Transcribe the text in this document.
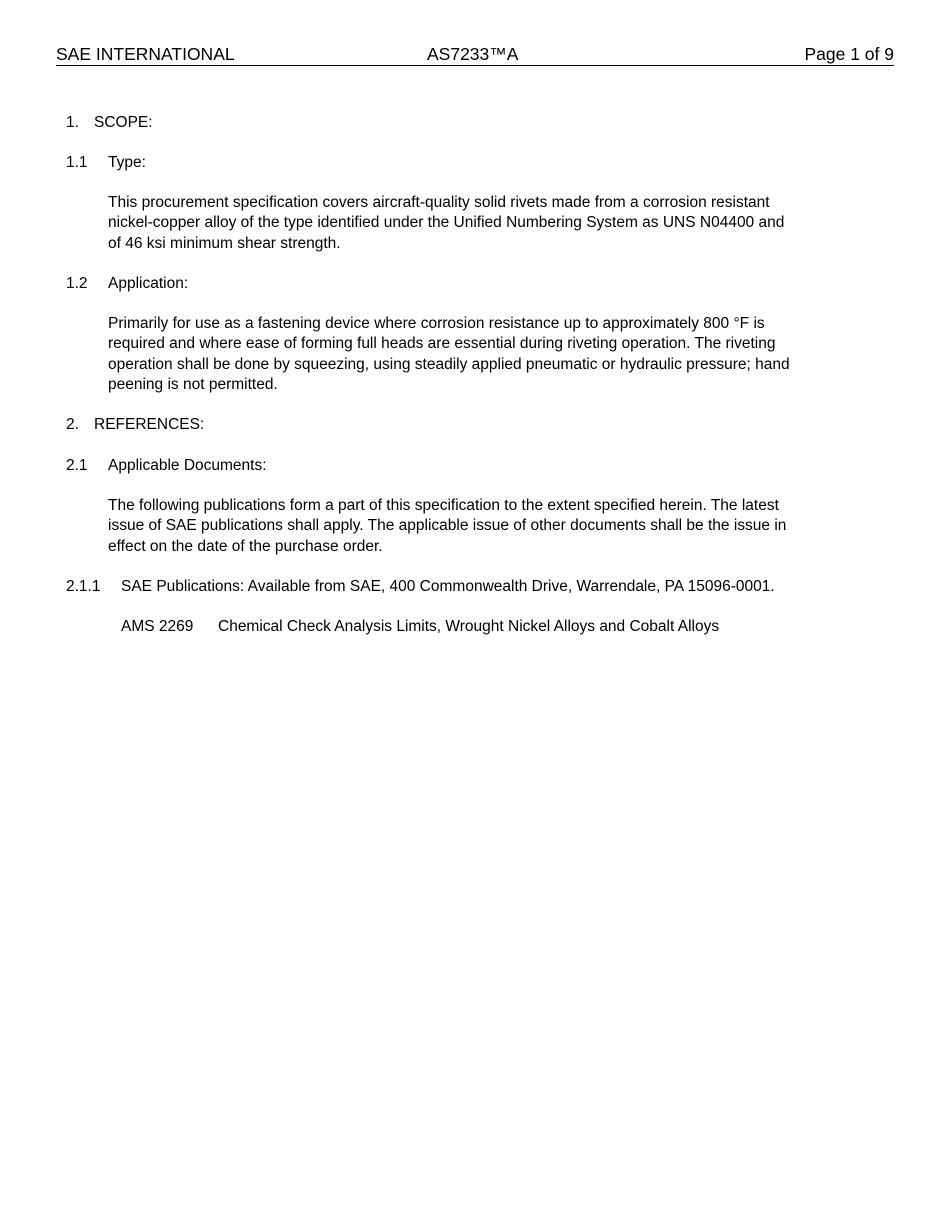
SAE INTERNATIONAL	AS7233™A	Page 1 of 9
1. SCOPE:
1.1 Type:
This procurement specification covers aircraft-quality solid rivets made from a corrosion resistant
nickel-copper alloy of the type identified under the Unified Numbering System as UNS N04400 and
of 46 ksi minimum shear strength.
1.2 Application:
Primarily for use as a fastening device where corrosion resistance up to approximately 800 °F is
required and where ease of forming full heads are essential during riveting operation. The riveting
operation shall be done by squeezing, using steadily applied pneumatic or hydraulic pressure; hand
peening is not permitted.
2. REFERENCES:
2.1 Applicable Documents:
The following publications form a part of this specification to the extent specified herein. The latest
issue of SAE publications shall apply. The applicable issue of other documents shall be the issue in
effect on the date of the purchase order.
2.1.1 SAE Publications: Available from SAE, 400 Commonwealth Drive, Warrendale, PA 15096-0001.
AMS 2269 Chemical Check Analysis Limits, Wrought Nickel Alloys and Cobalt Alloys
